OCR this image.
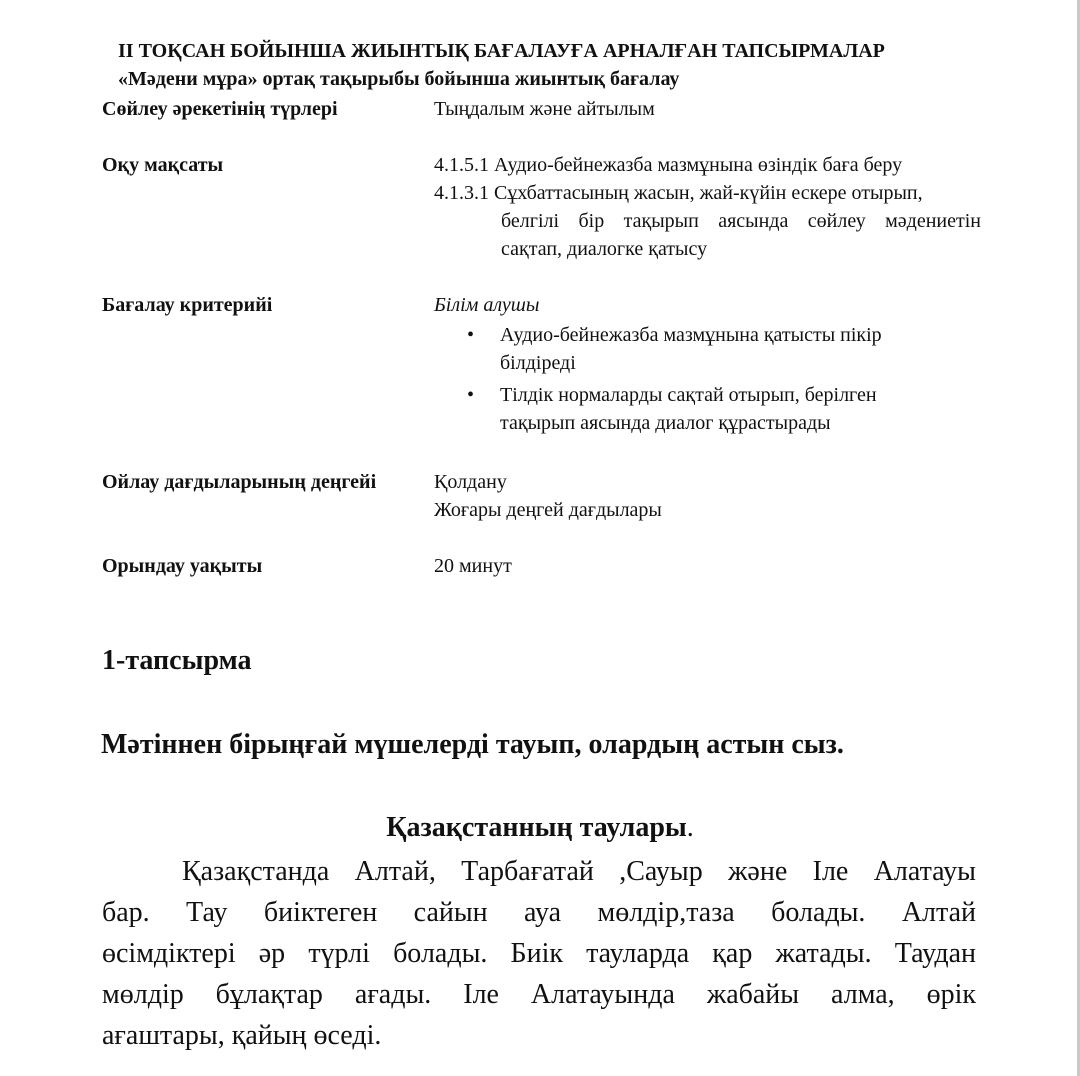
II ТОҚСАН БОЙЫНША ЖИЫНТЫҚ БАҒАЛАУҒА АРНАЛҒАН ТАПСЫРМАЛАР
«Мәдени мұра» ортақ тақырыбы бойынша жиынтық бағалау
Сөйлеу әрекетінің түрлері	Тыңдалым және айтылым
Оқу мақсаты	4.1.5.1 Аудио-бейнежазба мазмұнына өзіндік баға беру
4.1.3.1 Сұхбаттасының жасын, жай-күйін ескере отырып,
белгілі бір тақырып аясында сөйлеу мәдениетін
сақтап, диалогке қатысу
Бағалау критерийі	Білім алушы
• Аудио-бейнежазба мазмұнына қатысты пікір білдіреді
• Тілдік нормаларды сақтай отырып, берілген тақырып аясында диалог құрастырады
Ойлау дағдыларының деңгейі	Қолдану
Жоғары деңгей дағдылары
Орындау уақыты	20 минут
1-тапсырма
Мәтіннен бірыңғай мүшелерді тауып, олардың астын сыз.
Қазақстанның таулары.
Қазақстанда Алтай, Тарбағатай ,Сауыр және Іле Алатауы
бар. Тау биіктеген сайын ауа мөлдір,таза болады. Алтай
өсімдіктері әр түрлі болады. Биік тауларда қар жатады. Таудан
мөлдір бұлақтар ағады. Іле Алатауында жабайы алма, өрік
ағаштары, қайың өседі.
